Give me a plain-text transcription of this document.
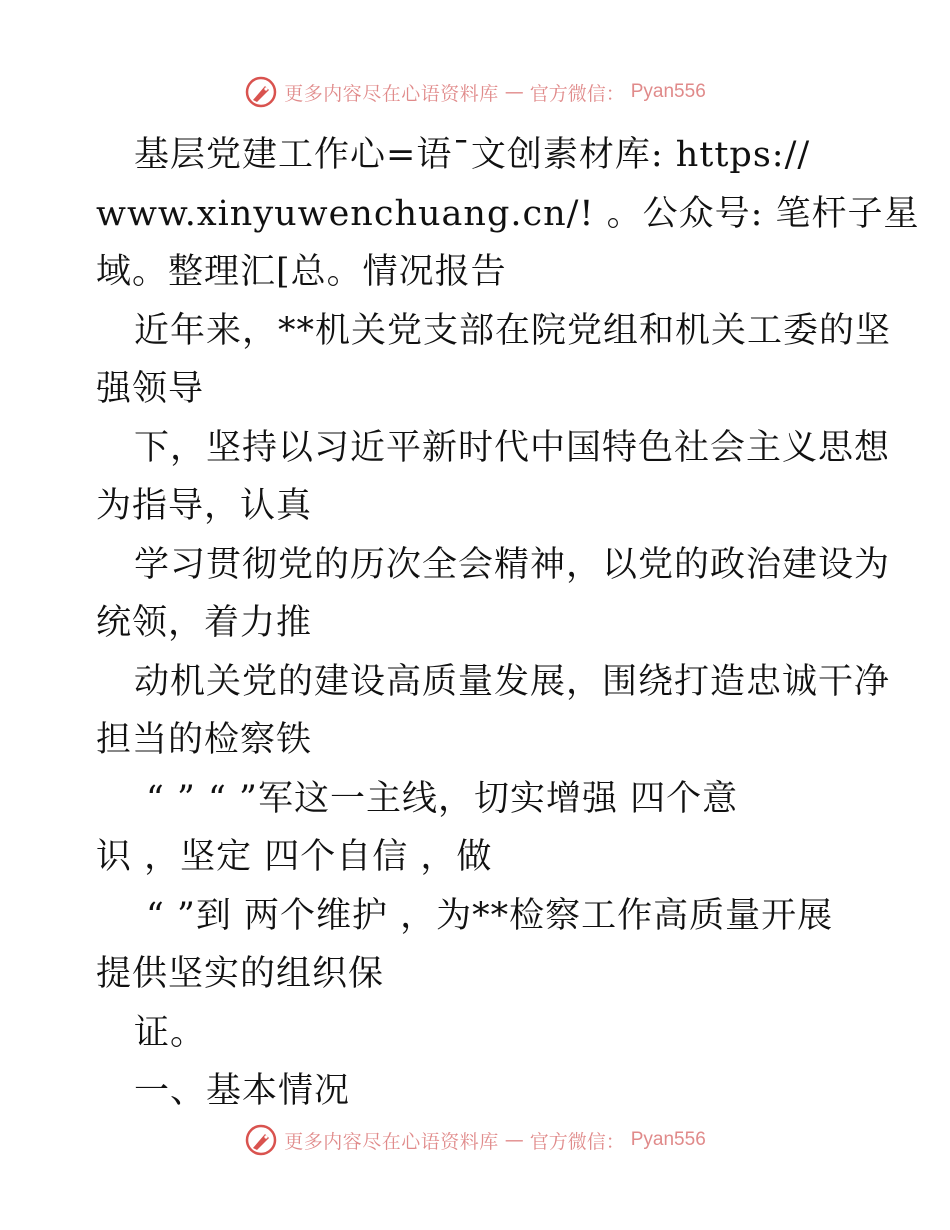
更多内容尽在心语资料库 — 官方微信： Pyan556
基层党建工作心=语¯文创素材库: https://
www.xinyuwenchuang.cn/! 。公众号: 笔杆子星
域。整理汇[总。情况报告
近年来，**机关党支部在院党组和机关工委的坚
强领导
下，坚持以习近平新时代中国特色社会主义思想
为指导，认真
学习贯彻党的历次全会精神，以党的政治建设为
统领，着力推
动机关党的建设高质量发展，围绕打造忠诚干净
担当的检察铁
“ ” “ ”军这一主线，切实增强 四个意
识 ，坚定 四个自信 ，做
“ ”到 两个维护 ，为**检察工作高质量开展
提供坚实的组织保
证。
一、基本情况
更多内容尽在心语资料库 — 官方微信： Pyan556
